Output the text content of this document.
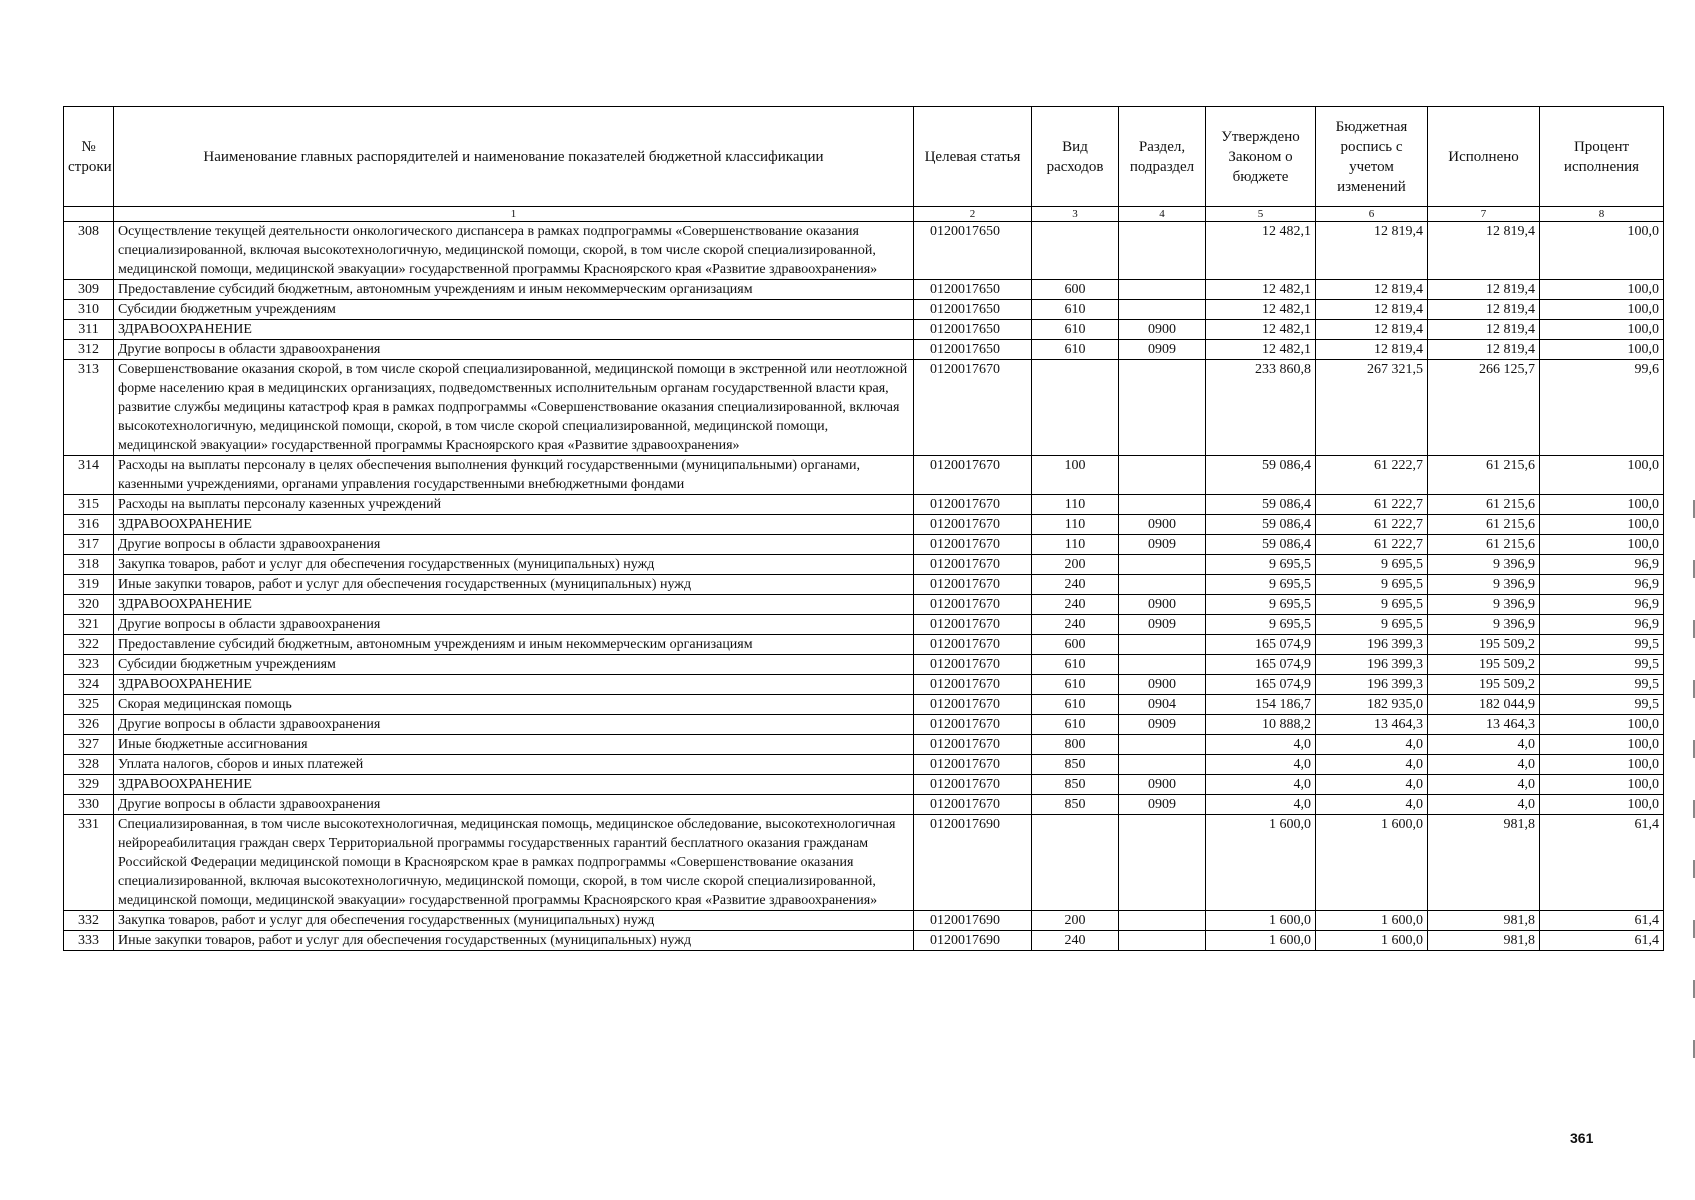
№ строки	Наименование главных распорядителей и наименование показателей бюджетной классификации	Целевая статья	Вид расходов	Раздел, подраздел	Утверждено Законом о бюджете	Бюджетная роспись с учетом изменений	Исполнено	Процент исполнения
	1	2	3	4	5	6	7	8
308	Осуществление текущей деятельности онкологического диспансера в рамках подпрограммы «Совершенствование оказания специализированной, включая высокотехнологичную, медицинской помощи, скорой, в том числе скорой специализированной, медицинской помощи, медицинской эвакуации» государственной программы Красноярского края «Развитие здравоохранения»	0120017650			12 482,1	12 819,4	12 819,4	100,0
309	Предоставление субсидий бюджетным, автономным учреждениям и иным некоммерческим организациям	0120017650	600		12 482,1	12 819,4	12 819,4	100,0
310	Субсидии бюджетным учреждениям	0120017650	610		12 482,1	12 819,4	12 819,4	100,0
311	ЗДРАВООХРАНЕНИЕ	0120017650	610	0900	12 482,1	12 819,4	12 819,4	100,0
312	Другие вопросы в области здравоохранения	0120017650	610	0909	12 482,1	12 819,4	12 819,4	100,0
313	Совершенствование оказания скорой, в том числе скорой специализированной, медицинской помощи в экстренной или неотложной форме населению края в медицинских организациях, подведомственных исполнительным органам государственной власти края, развитие службы медицины катастроф края в рамках подпрограммы «Совершенствование оказания специализированной, включая высокотехнологичную, медицинской помощи, скорой, в том числе скорой специализированной, медицинской помощи, медицинской эвакуации» государственной программы Красноярского края «Развитие здравоохранения»	0120017670			233 860,8	267 321,5	266 125,7	99,6
314	Расходы на выплаты персоналу в целях обеспечения выполнения функций государственными (муниципальными) органами, казенными учреждениями, органами управления государственными внебюджетными фондами	0120017670	100		59 086,4	61 222,7	61 215,6	100,0
315	Расходы на выплаты персоналу казенных учреждений	0120017670	110		59 086,4	61 222,7	61 215,6	100,0
316	ЗДРАВООХРАНЕНИЕ	0120017670	110	0900	59 086,4	61 222,7	61 215,6	100,0
317	Другие вопросы в области здравоохранения	0120017670	110	0909	59 086,4	61 222,7	61 215,6	100,0
318	Закупка товаров, работ и услуг для обеспечения государственных (муниципальных) нужд	0120017670	200		9 695,5	9 695,5	9 396,9	96,9
319	Иные закупки товаров, работ и услуг для обеспечения государственных (муниципальных) нужд	0120017670	240		9 695,5	9 695,5	9 396,9	96,9
320	ЗДРАВООХРАНЕНИЕ	0120017670	240	0900	9 695,5	9 695,5	9 396,9	96,9
321	Другие вопросы в области здравоохранения	0120017670	240	0909	9 695,5	9 695,5	9 396,9	96,9
322	Предоставление субсидий бюджетным, автономным учреждениям и иным некоммерческим организациям	0120017670	600		165 074,9	196 399,3	195 509,2	99,5
323	Субсидии бюджетным учреждениям	0120017670	610		165 074,9	196 399,3	195 509,2	99,5
324	ЗДРАВООХРАНЕНИЕ	0120017670	610	0900	165 074,9	196 399,3	195 509,2	99,5
325	Скорая медицинская помощь	0120017670	610	0904	154 186,7	182 935,0	182 044,9	99,5
326	Другие вопросы в области здравоохранения	0120017670	610	0909	10 888,2	13 464,3	13 464,3	100,0
327	Иные бюджетные ассигнования	0120017670	800		4,0	4,0	4,0	100,0
328	Уплата налогов, сборов и иных платежей	0120017670	850		4,0	4,0	4,0	100,0
329	ЗДРАВООХРАНЕНИЕ	0120017670	850	0900	4,0	4,0	4,0	100,0
330	Другие вопросы в области здравоохранения	0120017670	850	0909	4,0	4,0	4,0	100,0
331	Специализированная, в том числе высокотехнологичная, медицинская помощь, медицинское обследование, высокотехнологичная нейрореабилитация граждан сверх Территориальной программы государственных гарантий бесплатного оказания гражданам Российской Федерации медицинской помощи в Красноярском крае в рамках подпрограммы «Совершенствование оказания специализированной, включая высокотехнологичную, медицинской помощи, скорой, в том числе скорой специализированной, медицинской помощи, медицинской эвакуации» государственной программы Красноярского края «Развитие здравоохранения»	0120017690			1 600,0	1 600,0	981,8	61,4
332	Закупка товаров, работ и услуг для обеспечения государственных (муниципальных) нужд	0120017690	200		1 600,0	1 600,0	981,8	61,4
333	Иные закупки товаров, работ и услуг для обеспечения государственных (муниципальных) нужд	0120017690	240		1 600,0	1 600,0	981,8	61,4
361
